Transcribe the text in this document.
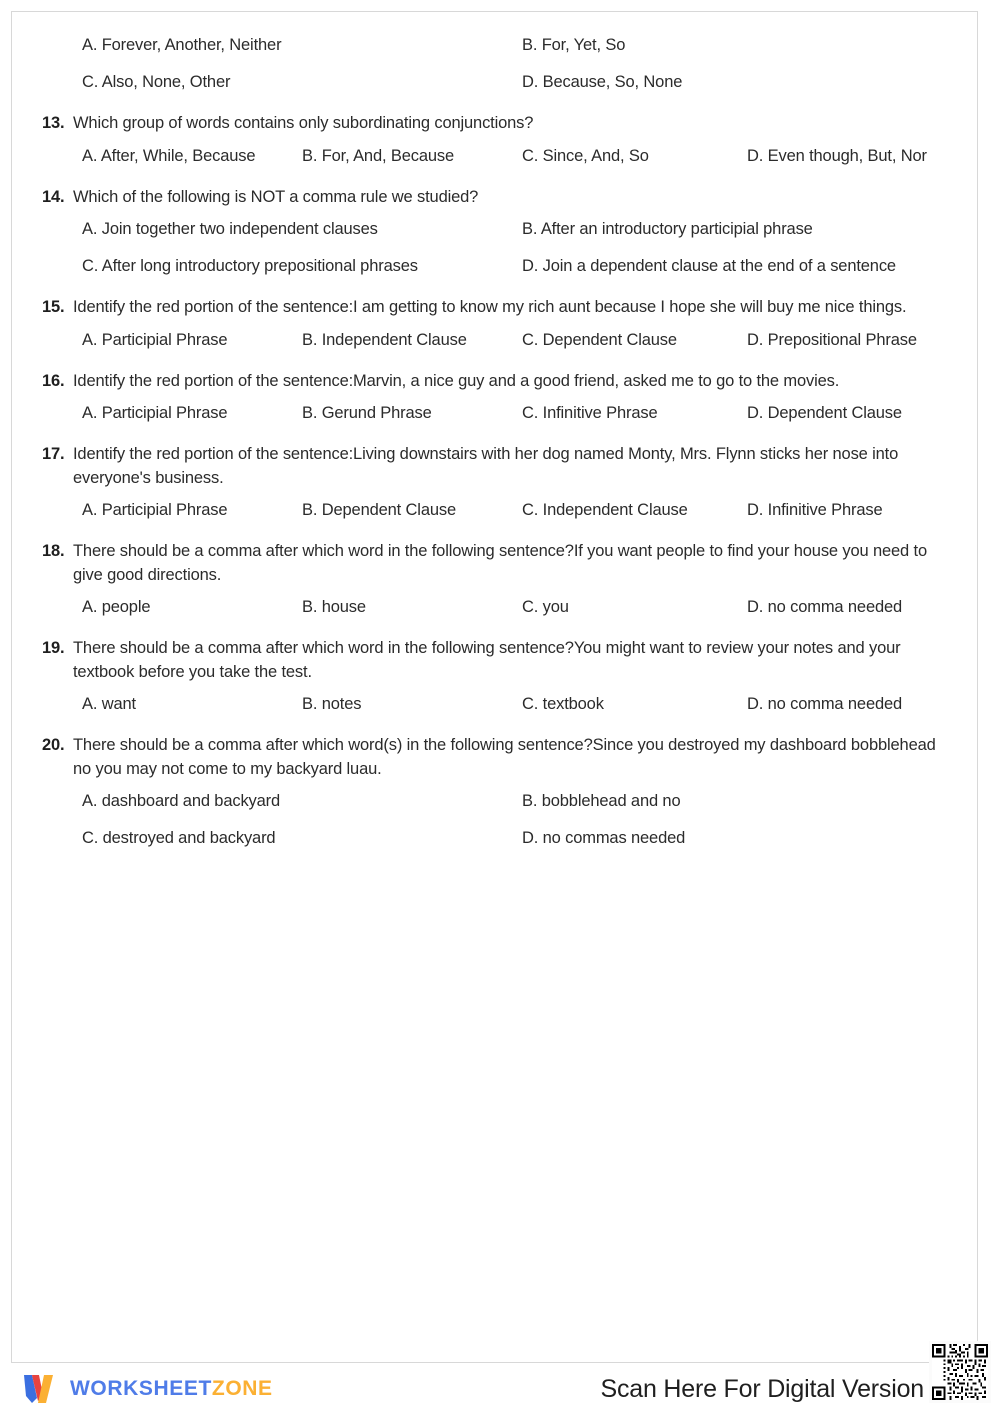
A. Forever, Another, Neither	B. For, Yet, So
C. Also, None, Other	D. Because, So, None
13. Which group of words contains only subordinating conjunctions?
A. After, While, Because	B. For, And, Because	C. Since, And, So	D. Even though, But, Nor
14. Which of the following is NOT a comma rule we studied?
A. Join together two independent clauses	B. After an introductory participial phrase
C. After long introductory prepositional phrases	D. Join a dependent clause at the end of a sentence
15. Identify the red portion of the sentence:I am getting to know my rich aunt because I hope she will buy me nice things.
A. Participial Phrase	B. Independent Clause	C. Dependent Clause	D. Prepositional Phrase
16. Identify the red portion of the sentence:Marvin, a nice guy and a good friend, asked me to go to the movies.
A. Participial Phrase	B. Gerund Phrase	C. Infinitive Phrase	D. Dependent Clause
17. Identify the red portion of the sentence:Living downstairs with her dog named Monty, Mrs. Flynn sticks her nose into everyone's business.
A. Participial Phrase	B. Dependent Clause	C. Independent Clause	D. Infinitive Phrase
18. There should be a comma after which word in the following sentence?If you want people to find your house you need to give good directions.
A. people	B. house	C. you	D. no comma needed
19. There should be a comma after which word in the following sentence?You might want to review your notes and your textbook before you take the test.
A. want	B. notes	C. textbook	D. no comma needed
20. There should be a comma after which word(s) in the following sentence?Since you destroyed my dashboard bobblehead no you may not come to my backyard luau.
A. dashboard and backyard	B. bobblehead and no
C. destroyed and backyard	D. no commas needed
WORKSHEETZONE	Scan Here For Digital Version
